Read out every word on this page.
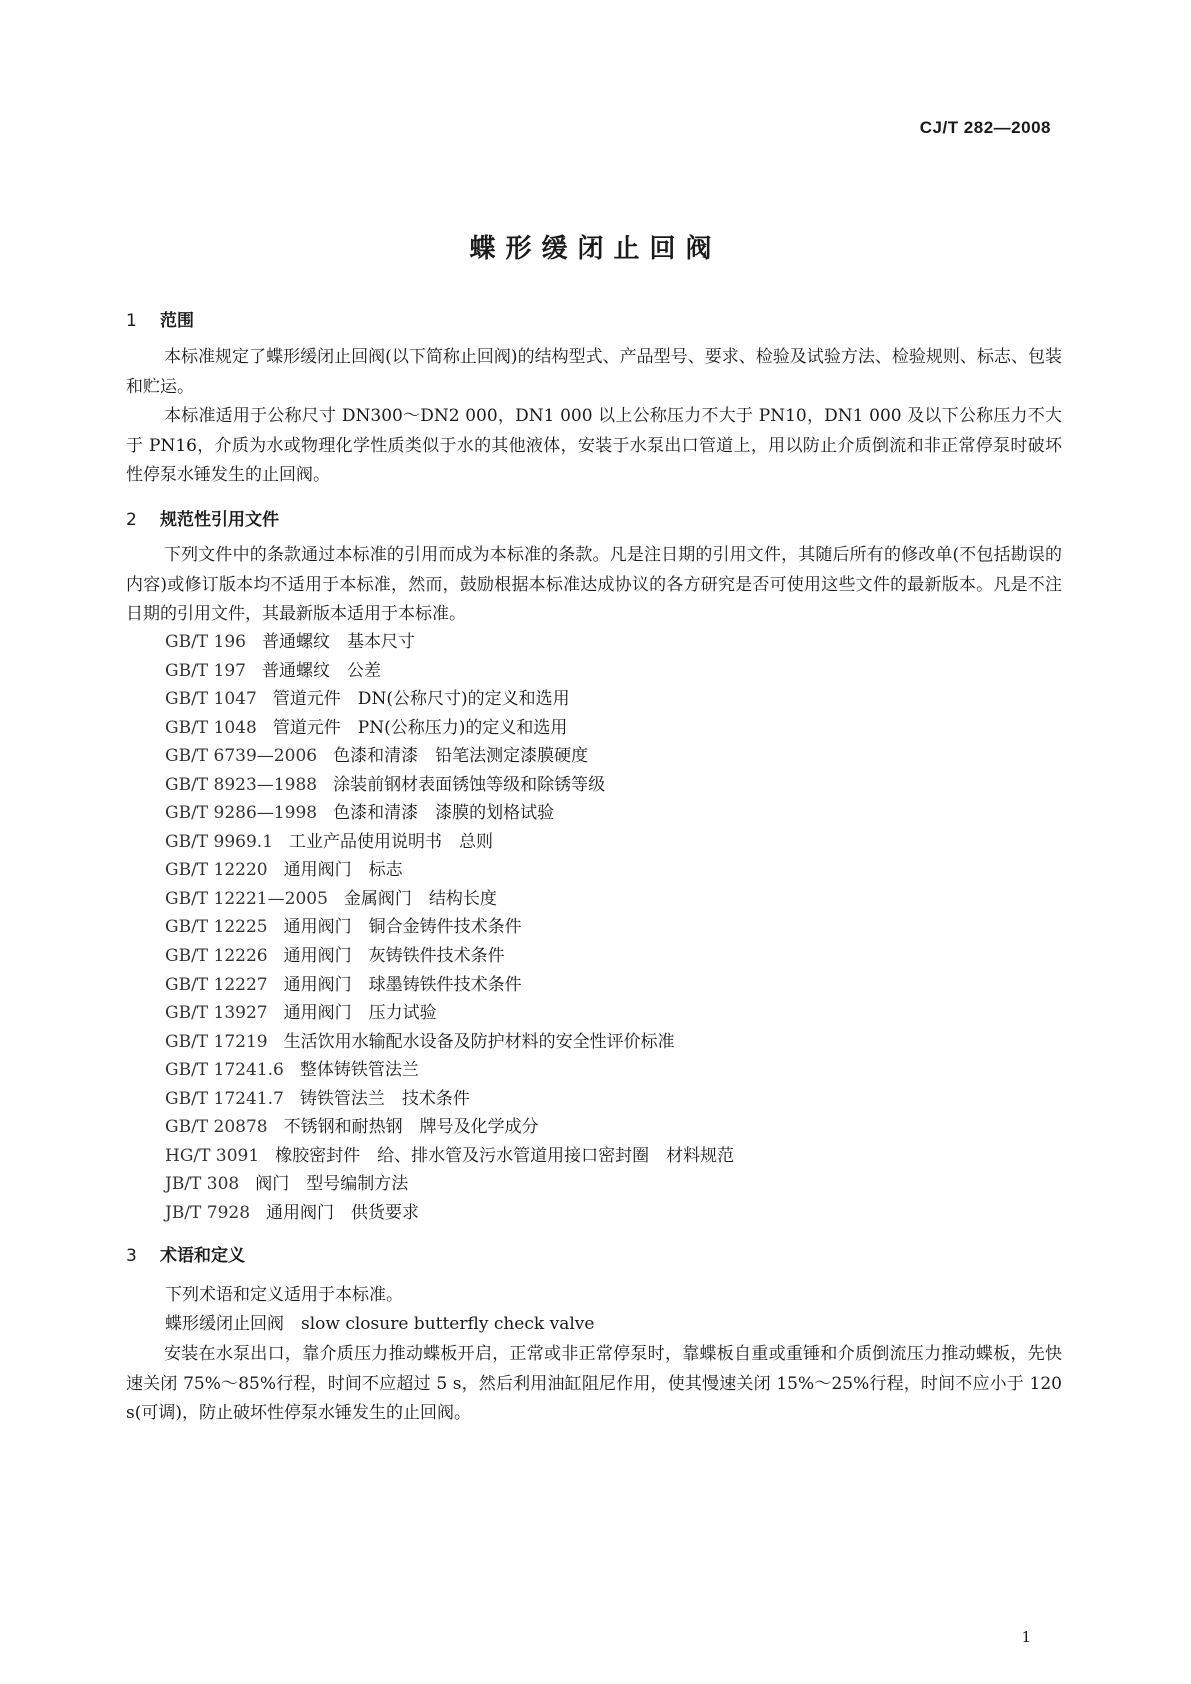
CJ/T 282—2008
蝶形缓闭止回阀
1 范围
本标准规定了蝶形缓闭止回阀(以下简称止回阀)的结构型式、产品型号、要求、检验及试验方法、检验规则、标志、包装和贮运。
本标准适用于公称尺寸 DN300～DN2 000，DN1 000 以上公称压力不大于 PN10，DN1 000 及以下公称压力不大于 PN16，介质为水或物理化学性质类似于水的其他液体，安装于水泵出口管道上，用以防止介质倒流和非正常停泵时破坏性停泵水锤发生的止回阀。
2 规范性引用文件
下列文件中的条款通过本标准的引用而成为本标准的条款。凡是注日期的引用文件，其随后所有的修改单(不包括勘误的内容)或修订版本均不适用于本标准，然而，鼓励根据本标准达成协议的各方研究是否可使用这些文件的最新版本。凡是不注日期的引用文件，其最新版本适用于本标准。
GB/T 196 普通螺纹　基本尺寸
GB/T 197 普通螺纹　公差
GB/T 1047 管道元件　DN(公称尺寸)的定义和选用
GB/T 1048 管道元件　PN(公称压力)的定义和选用
GB/T 6739—2006 色漆和清漆　铅笔法测定漆膜硬度
GB/T 8923—1988 涂装前钢材表面锈蚀等级和除锈等级
GB/T 9286—1998 色漆和清漆　漆膜的划格试验
GB/T 9969.1 工业产品使用说明书　总则
GB/T 12220 通用阀门　标志
GB/T 12221—2005 金属阀门　结构长度
GB/T 12225 通用阀门　铜合金铸件技术条件
GB/T 12226 通用阀门　灰铸铁件技术条件
GB/T 12227 通用阀门　球墨铸铁件技术条件
GB/T 13927 通用阀门　压力试验
GB/T 17219 生活饮用水输配水设备及防护材料的安全性评价标准
GB/T 17241.6 整体铸铁管法兰
GB/T 17241.7 铸铁管法兰　技术条件
GB/T 20878 不锈钢和耐热钢　牌号及化学成分
HG/T 3091 橡胶密封件　给、排水管及污水管道用接口密封圈　材料规范
JB/T 308 阀门　型号编制方法
JB/T 7928 通用阀门　供货要求
3 术语和定义
下列术语和定义适用于本标准。
蝶形缓闭止回阀　slow closure butterfly check valve
安装在水泵出口，靠介质压力推动蝶板开启，正常或非正常停泵时，靠蝶板自重或重锤和介质倒流压力推动蝶板，先快速关闭 75%～85%行程，时间不应超过 5 s，然后利用油缸阻尼作用，使其慢速关闭 15%～25%行程，时间不应小于 120 s(可调)，防止破坏性停泵水锤发生的止回阀。
1
